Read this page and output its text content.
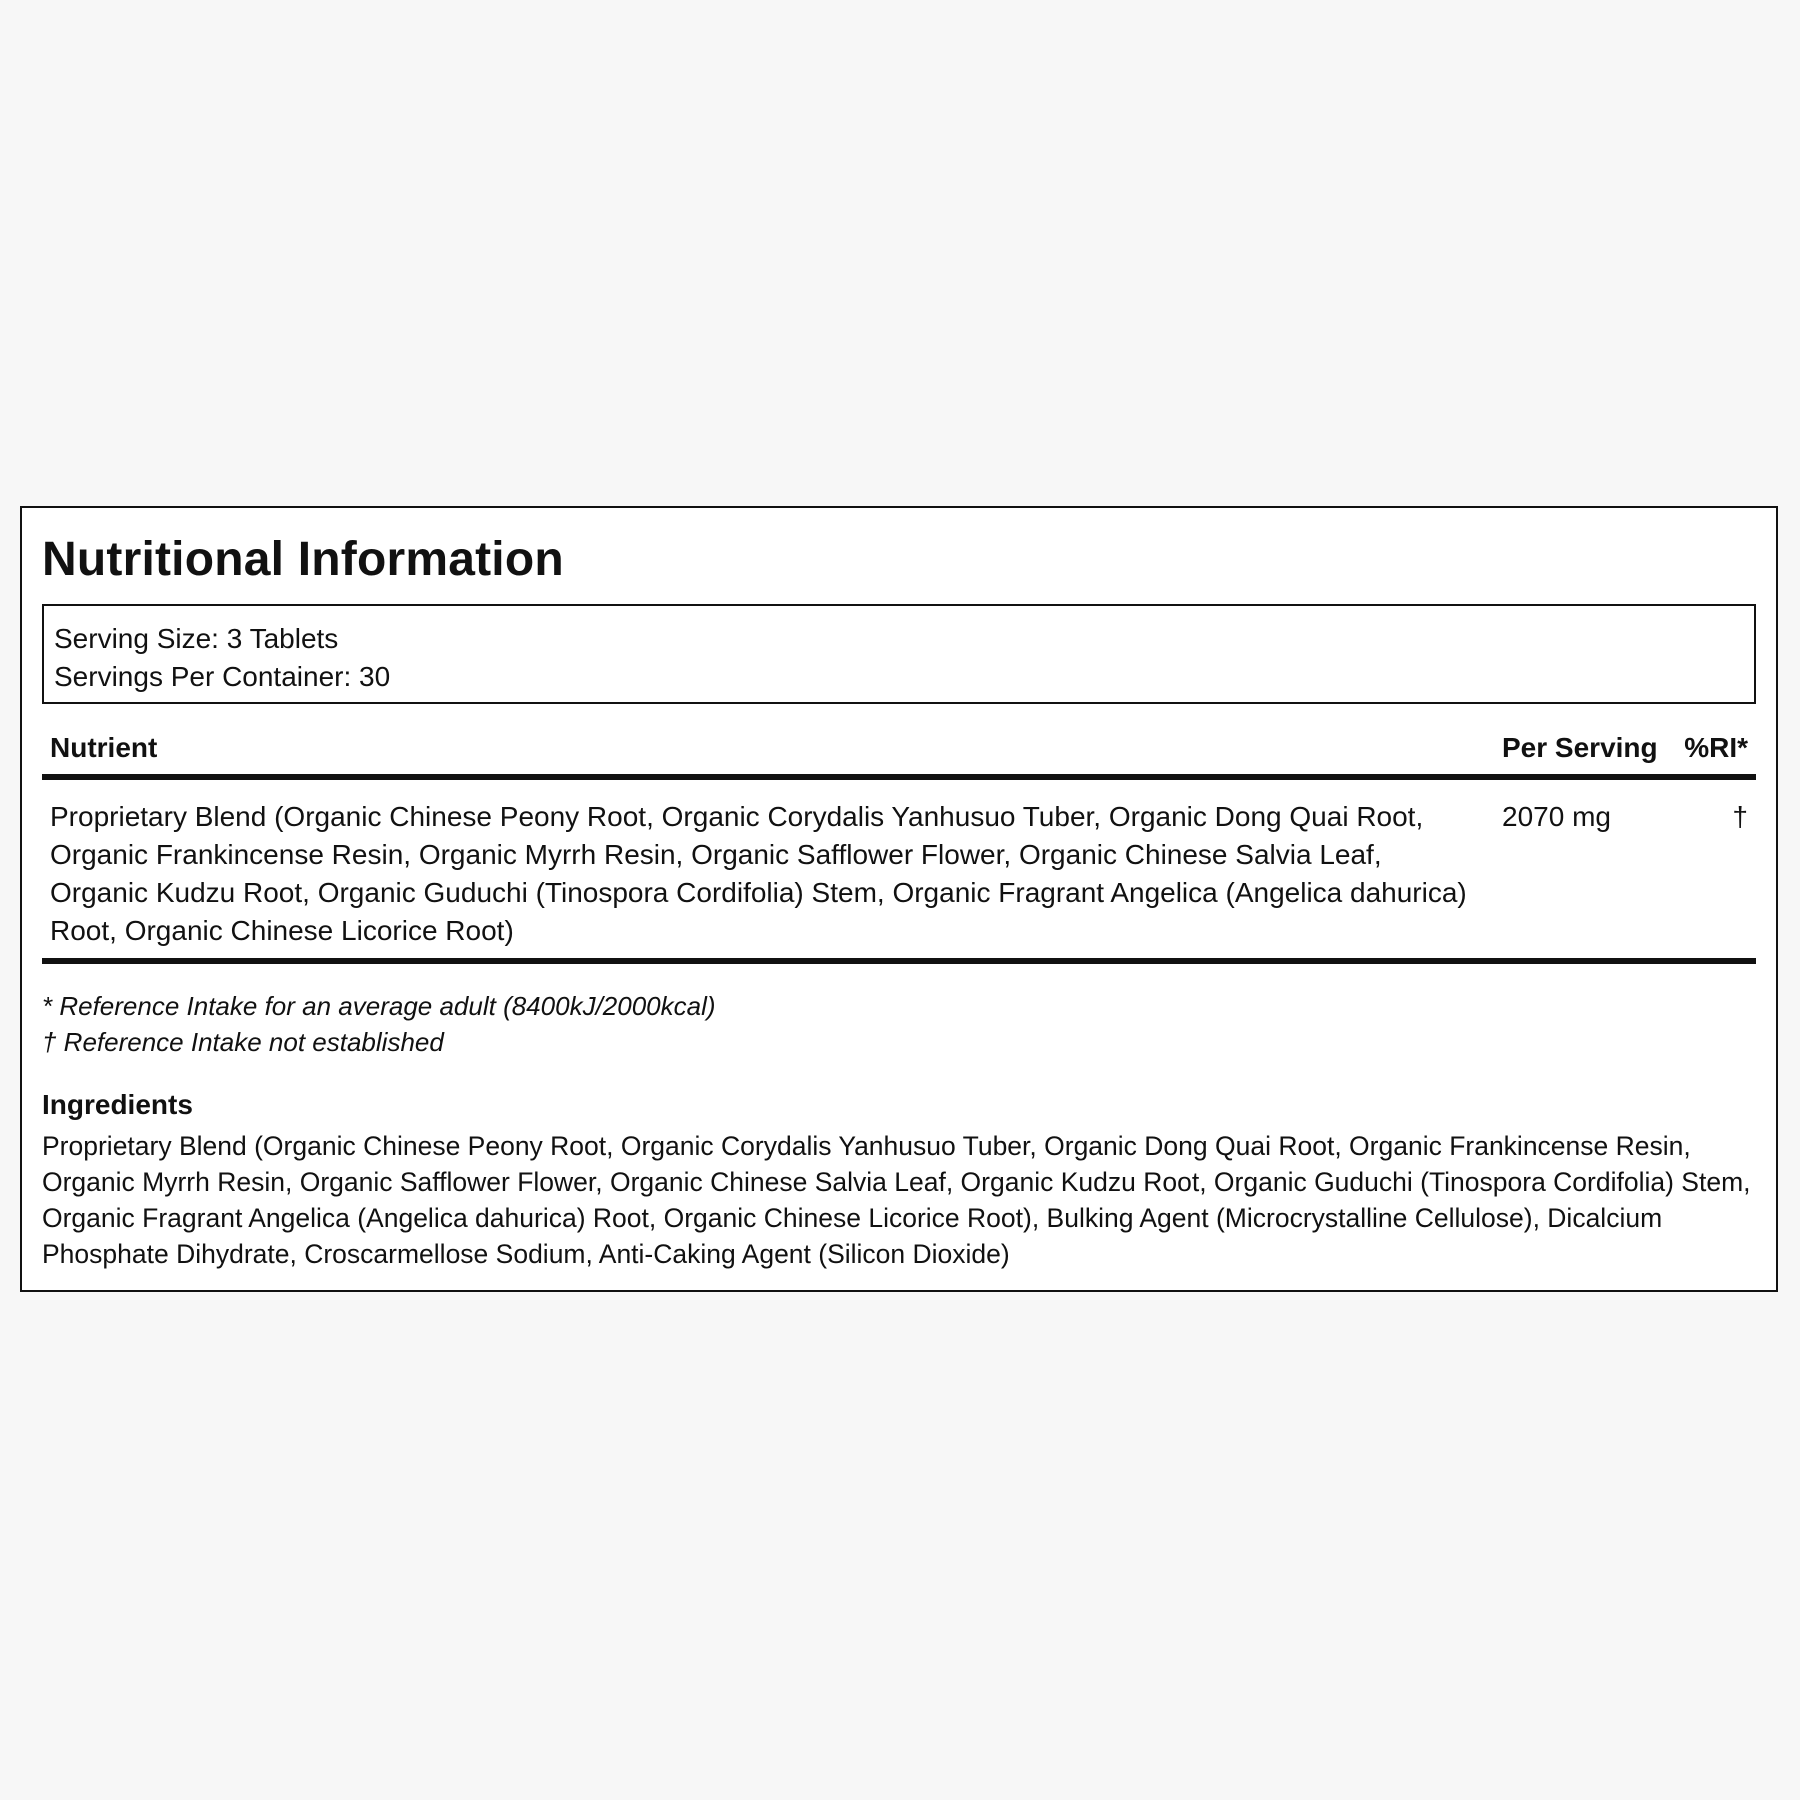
Nutritional Information
Serving Size: 3 Tablets
Servings Per Container: 30
Nutrient	Per Serving	%RI*
Proprietary Blend (Organic Chinese Peony Root, Organic Corydalis Yanhusuo Tuber, Organic Dong Quai Root, Organic Frankincense Resin, Organic Myrrh Resin, Organic Safflower Flower, Organic Chinese Salvia Leaf, Organic Kudzu Root, Organic Guduchi (Tinospora Cordifolia) Stem, Organic Fragrant Angelica (Angelica dahurica) Root, Organic Chinese Licorice Root)	2070 mg	†
* Reference Intake for an average adult (8400kJ/2000kcal)
† Reference Intake not established
Ingredients

Proprietary Blend (Organic Chinese Peony Root, Organic Corydalis Yanhusuo Tuber, Organic Dong Quai Root, Organic Frankincense Resin, Organic Myrrh Resin, Organic Safflower Flower, Organic Chinese Salvia Leaf, Organic Kudzu Root, Organic Guduchi (Tinospora Cordifolia) Stem, Organic Fragrant Angelica (Angelica dahurica) Root, Organic Chinese Licorice Root), Bulking Agent (Microcrystalline Cellulose), Dicalcium Phosphate Dihydrate, Croscarmellose Sodium, Anti-Caking Agent (Silicon Dioxide)
